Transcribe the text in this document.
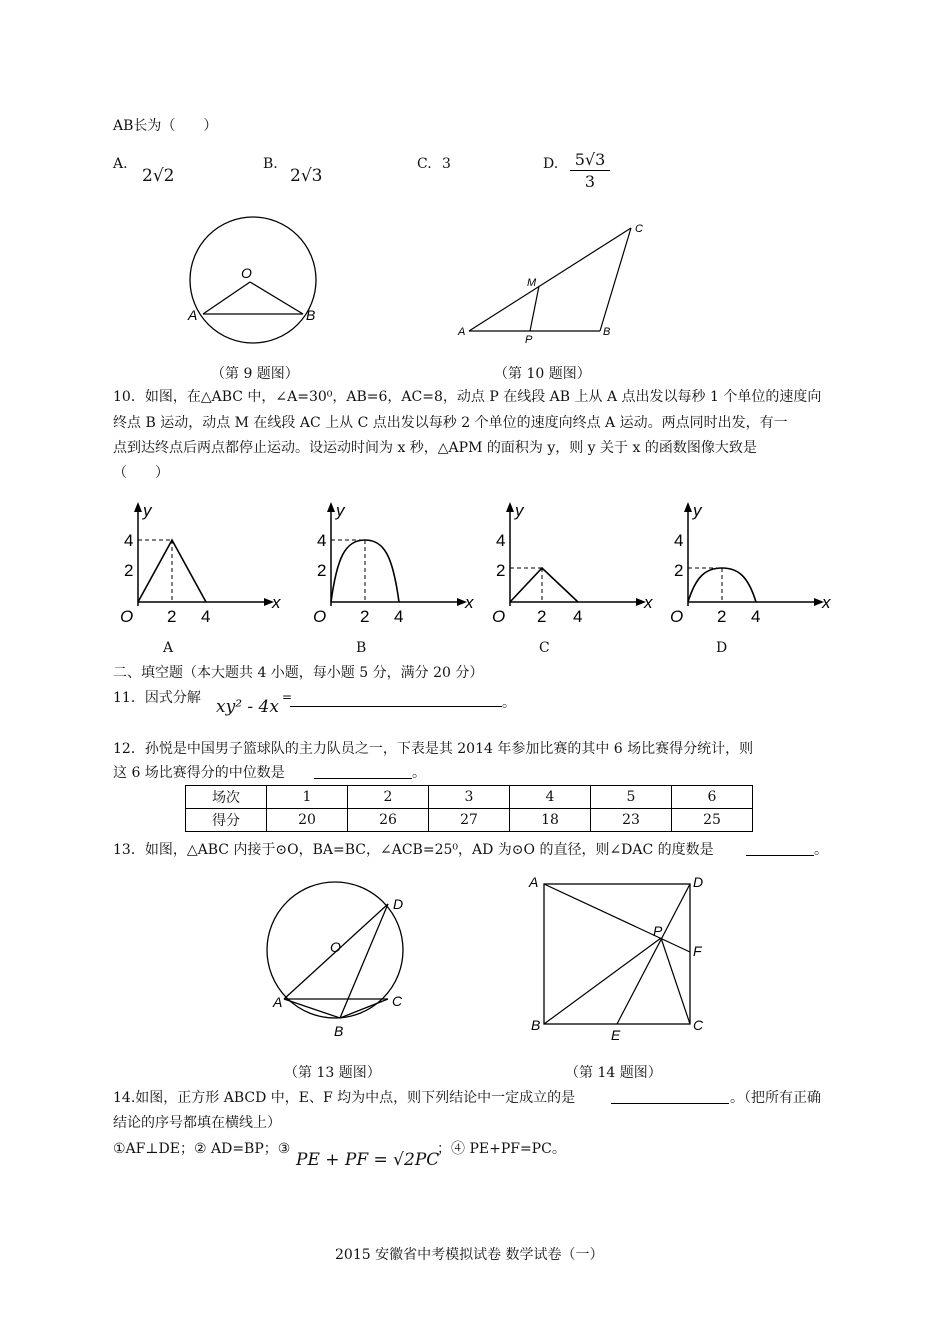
AB长为（　　）
A.
2√2
B.
2√3
C. 3	D. $\frac{5√3}{3}$
O
A	B
C
M
A
P
B
（第 9 题图）	（第 10 题图）
10．如图，在△ABC 中，∠A=30⁰，AB=6，AC=8，动点 P 在线段 AB 上从 A 点出发以每秒 1 个单位的速度向
终点 B 运动，动点 M 在线段 AC 上从 C 点出发以每秒 2 个单位的速度向终点 A 运动。两点同时出发，有一
点到达终点后两点都停止运动。设运动时间为 x 秒，△APM 的面积为 y，则 y 关于 x 的函数图像大致是
（　　）
y
x
O
4
2
2 4
y
x
O
4
2
2 4
y
x
O
4
2
2 4
y
x
O
4
2
2 4
A	B	C	D
二、填空题（本大题共 4 小题，每小题 5 分，满分 20 分）
11．因式分解 xy² - 4x =	。
12．孙悦是中国男子篮球队的主力队员之一，下表是其 2014 年参加比赛的其中 6 场比赛得分统计，则
这 6 场比赛得分的中位数是	。
场次	1	2	3	4	5	6
得分	20	26	27	18	23	25
13．如图，△ABC 内接于⊙O，BA=BC，∠ACB=25⁰，AD 为⊙O 的直径，则∠DAC 的度数是	。
D
O
A	C
B
A	D
P
F
B
E
C
（第 13 题图）	（第 14 题图）
14.如图，正方形 ABCD 中，E、F 均为中点，则下列结论中一定成立的是	。（把所有正确
结论的序号都填在横线上）
①AF⊥DE；② AD=BP；③
PE + PF = √2PC
；④ PE+PF=PC。
2015 安徽省中考模拟试卷 数学试卷（一）
